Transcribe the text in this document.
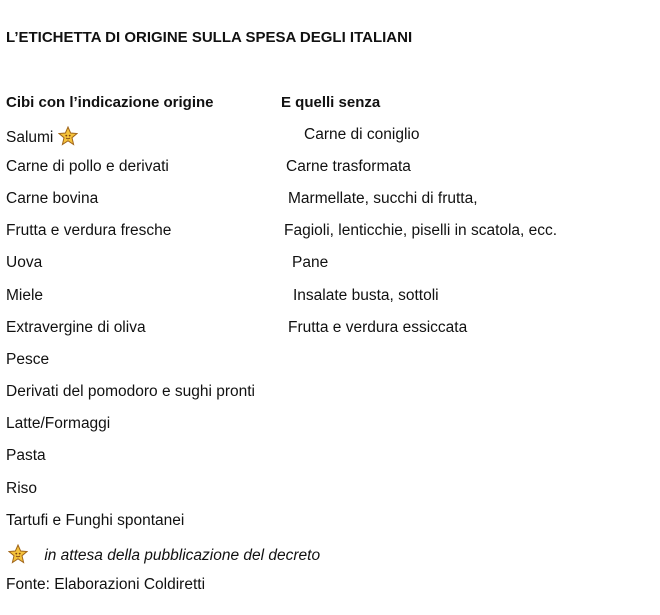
L’ETICHETTA DI ORIGINE SULLA SPESA DEGLI ITALIANI
Cibi con l’indicazione origine	E quelli senza
Salumi
Carne di pollo e derivati
Carne bovina
Frutta e verdura fresche
Uova
Miele
Extravergine di oliva
Pesce
Derivati del pomodoro e sughi pronti
Latte/Formaggi
Pasta
Riso
Tartufi e Funghi spontanei
Carne di coniglio
Carne trasformata
Marmellate, succhi di frutta,
Fagioli, lenticchie, piselli in scatola, ecc.
Pane
Insalate busta, sottoli
Frutta e verdura essiccata
in attesa della pubblicazione del decreto
Fonte: Elaborazioni Coldiretti
